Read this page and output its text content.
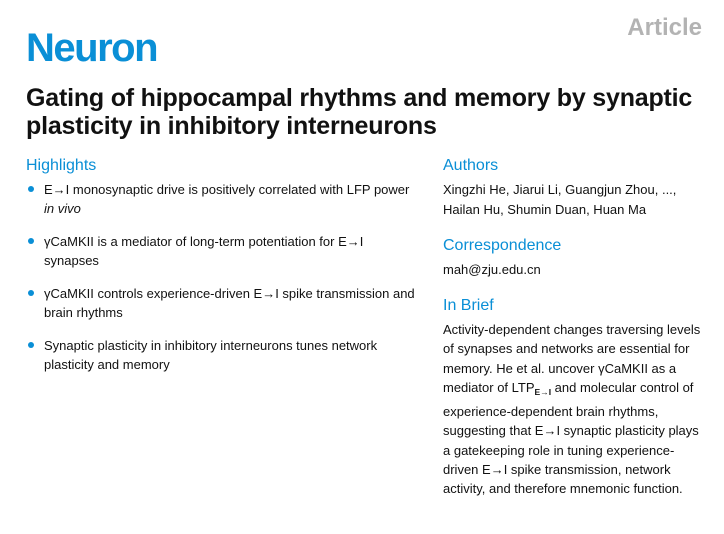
Neuron	Article
Gating of hippocampal rhythms and memory by synaptic plasticity in inhibitory interneurons
Highlights
E→I monosynaptic drive is positively correlated with LFP power in vivo
γCaMKII is a mediator of long-term potentiation for E→I synapses
γCaMKII controls experience-driven E→I spike transmission and brain rhythms
Synaptic plasticity in inhibitory interneurons tunes network plasticity and memory
Authors
Xingzhi He, Jiarui Li, Guangjun Zhou, ...,
Hailan Hu, Shumin Duan, Huan Ma
Correspondence
mah@zju.edu.cn
In Brief

Activity-dependent changes traversing levels of synapses and networks are essential for memory. He et al. uncover γCaMKII as a mediator of $LTP_{E\to I}$ and molecular control of experience-dependent brain rhythms, suggesting that E→I synaptic plasticity plays a gatekeeping role in tuning experience-driven E→I spike transmission, network activity, and therefore mnemonic function.
